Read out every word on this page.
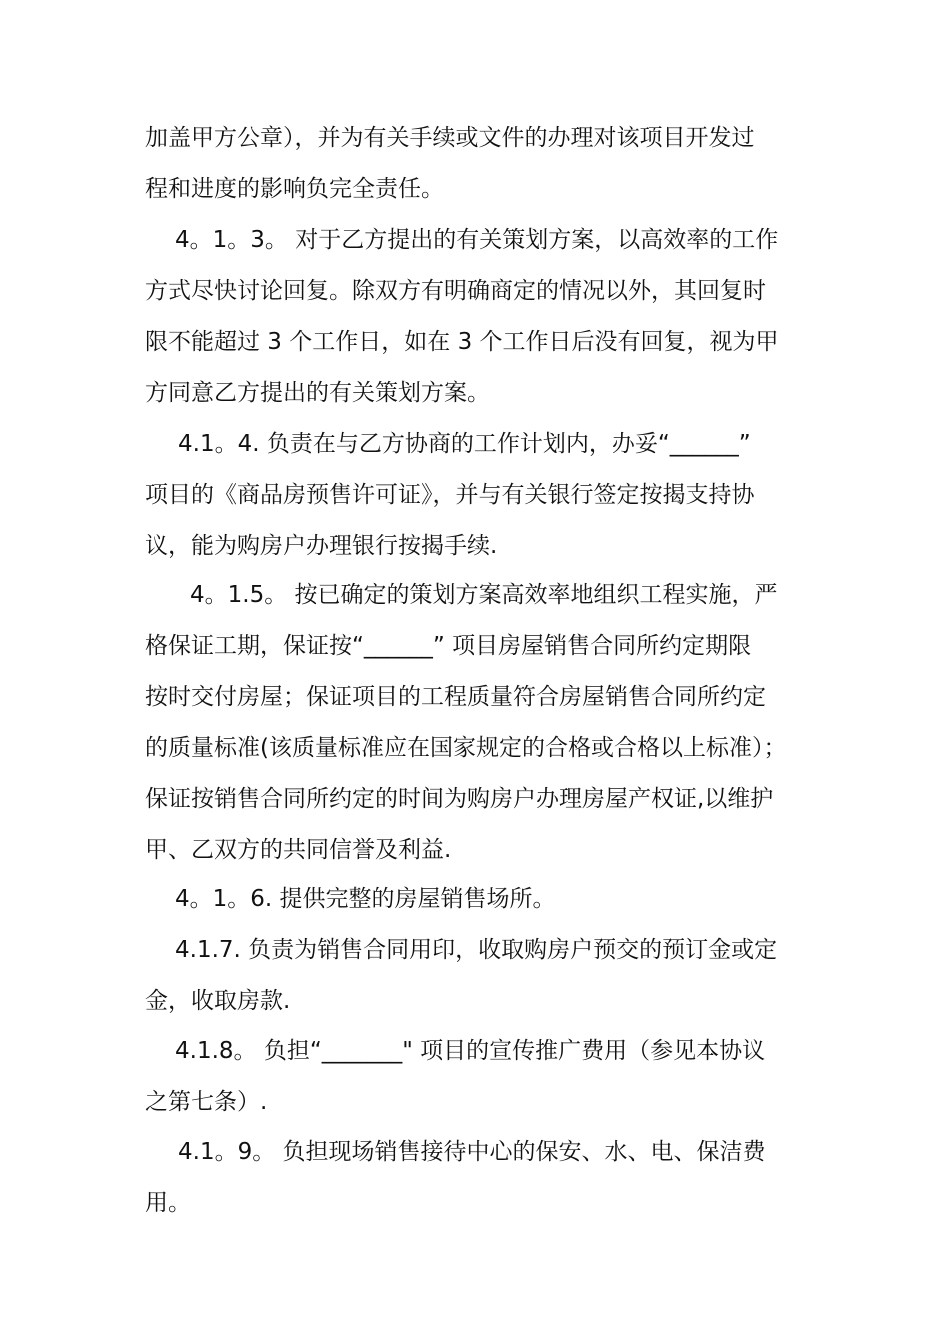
加盖甲方公章），并为有关手续或文件的办理对该项目开发过
程和进度的影响负完全责任。
4。1。3。 对于乙方提出的有关策划方案，以高效率的工作
方式尽快讨论回复。除双方有明确商定的情况以外，其回复时
限不能超过 3 个工作日，如在 3 个工作日后没有回复，视为甲
方同意乙方提出的有关策划方案。
4.1。4. 负责在与乙方协商的工作计划内，办妥“______”
项目的《商品房预售许可证》，并与有关银行签定按揭支持协
议，能为购房户办理银行按揭手续.
4。1.5。 按已确定的策划方案高效率地组织工程实施，严
格保证工期，保证按“______” 项目房屋销售合同所约定期限
按时交付房屋；保证项目的工程质量符合房屋销售合同所约定
的质量标准(该质量标准应在国家规定的合格或合格以上标准）；
保证按销售合同所约定的时间为购房户办理房屋产权证,以维护
甲、乙双方的共同信誉及利益.
4。1。6. 提供完整的房屋销售场所。
4.1.7. 负责为销售合同用印，收取购房户预交的预订金或定
金，收取房款.
4.1.8。 负担“_______" 项目的宣传推广费用（参见本协议
之第七条）.
4.1。9。 负担现场销售接待中心的保安、水、电、保洁费
用。
